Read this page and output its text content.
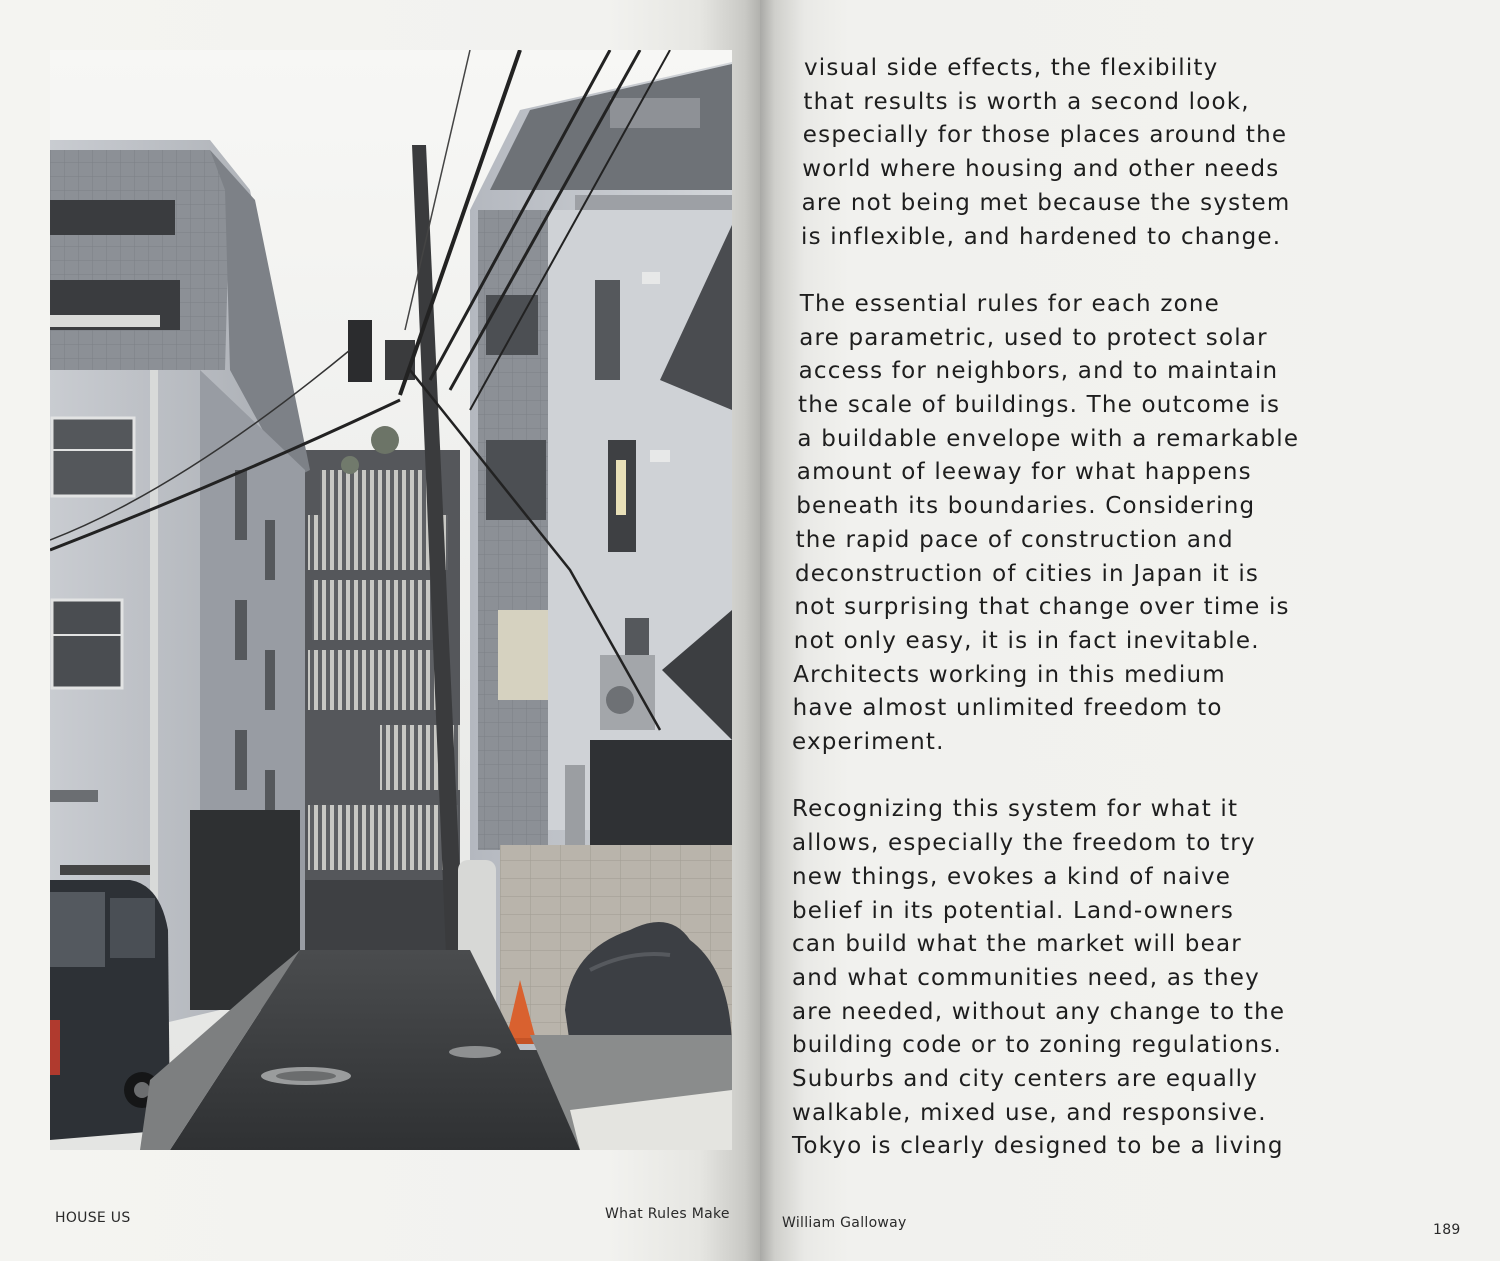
HOUSE US	What Rules Make

visual side effects, the flexibility
that results is worth a second look,
especially for those places around the
world where housing and other needs
are not being met because the system
is inflexible, and hardened to change.

The essential rules for each zone
are parametric, used to protect solar
access for neighbors, and to maintain
the scale of buildings. The outcome is
a buildable envelope with a remarkable
amount of leeway for what happens
beneath its boundaries. Considering
the rapid pace of construction and
deconstruction of cities in Japan it is
not surprising that change over time is
not only easy, it is in fact inevitable.
Architects working in this medium
have almost unlimited freedom to
experiment.

Recognizing this system for what it
allows, especially the freedom to try
new things, evokes a kind of naive
belief in its potential. Land-owners
can build what the market will bear
and what communities need, as they
are needed, without any change to the
building code or to zoning regulations.
Suburbs and city centers are equally
walkable, mixed use, and responsive.
Tokyo is clearly designed to be a living

William Galloway	189
